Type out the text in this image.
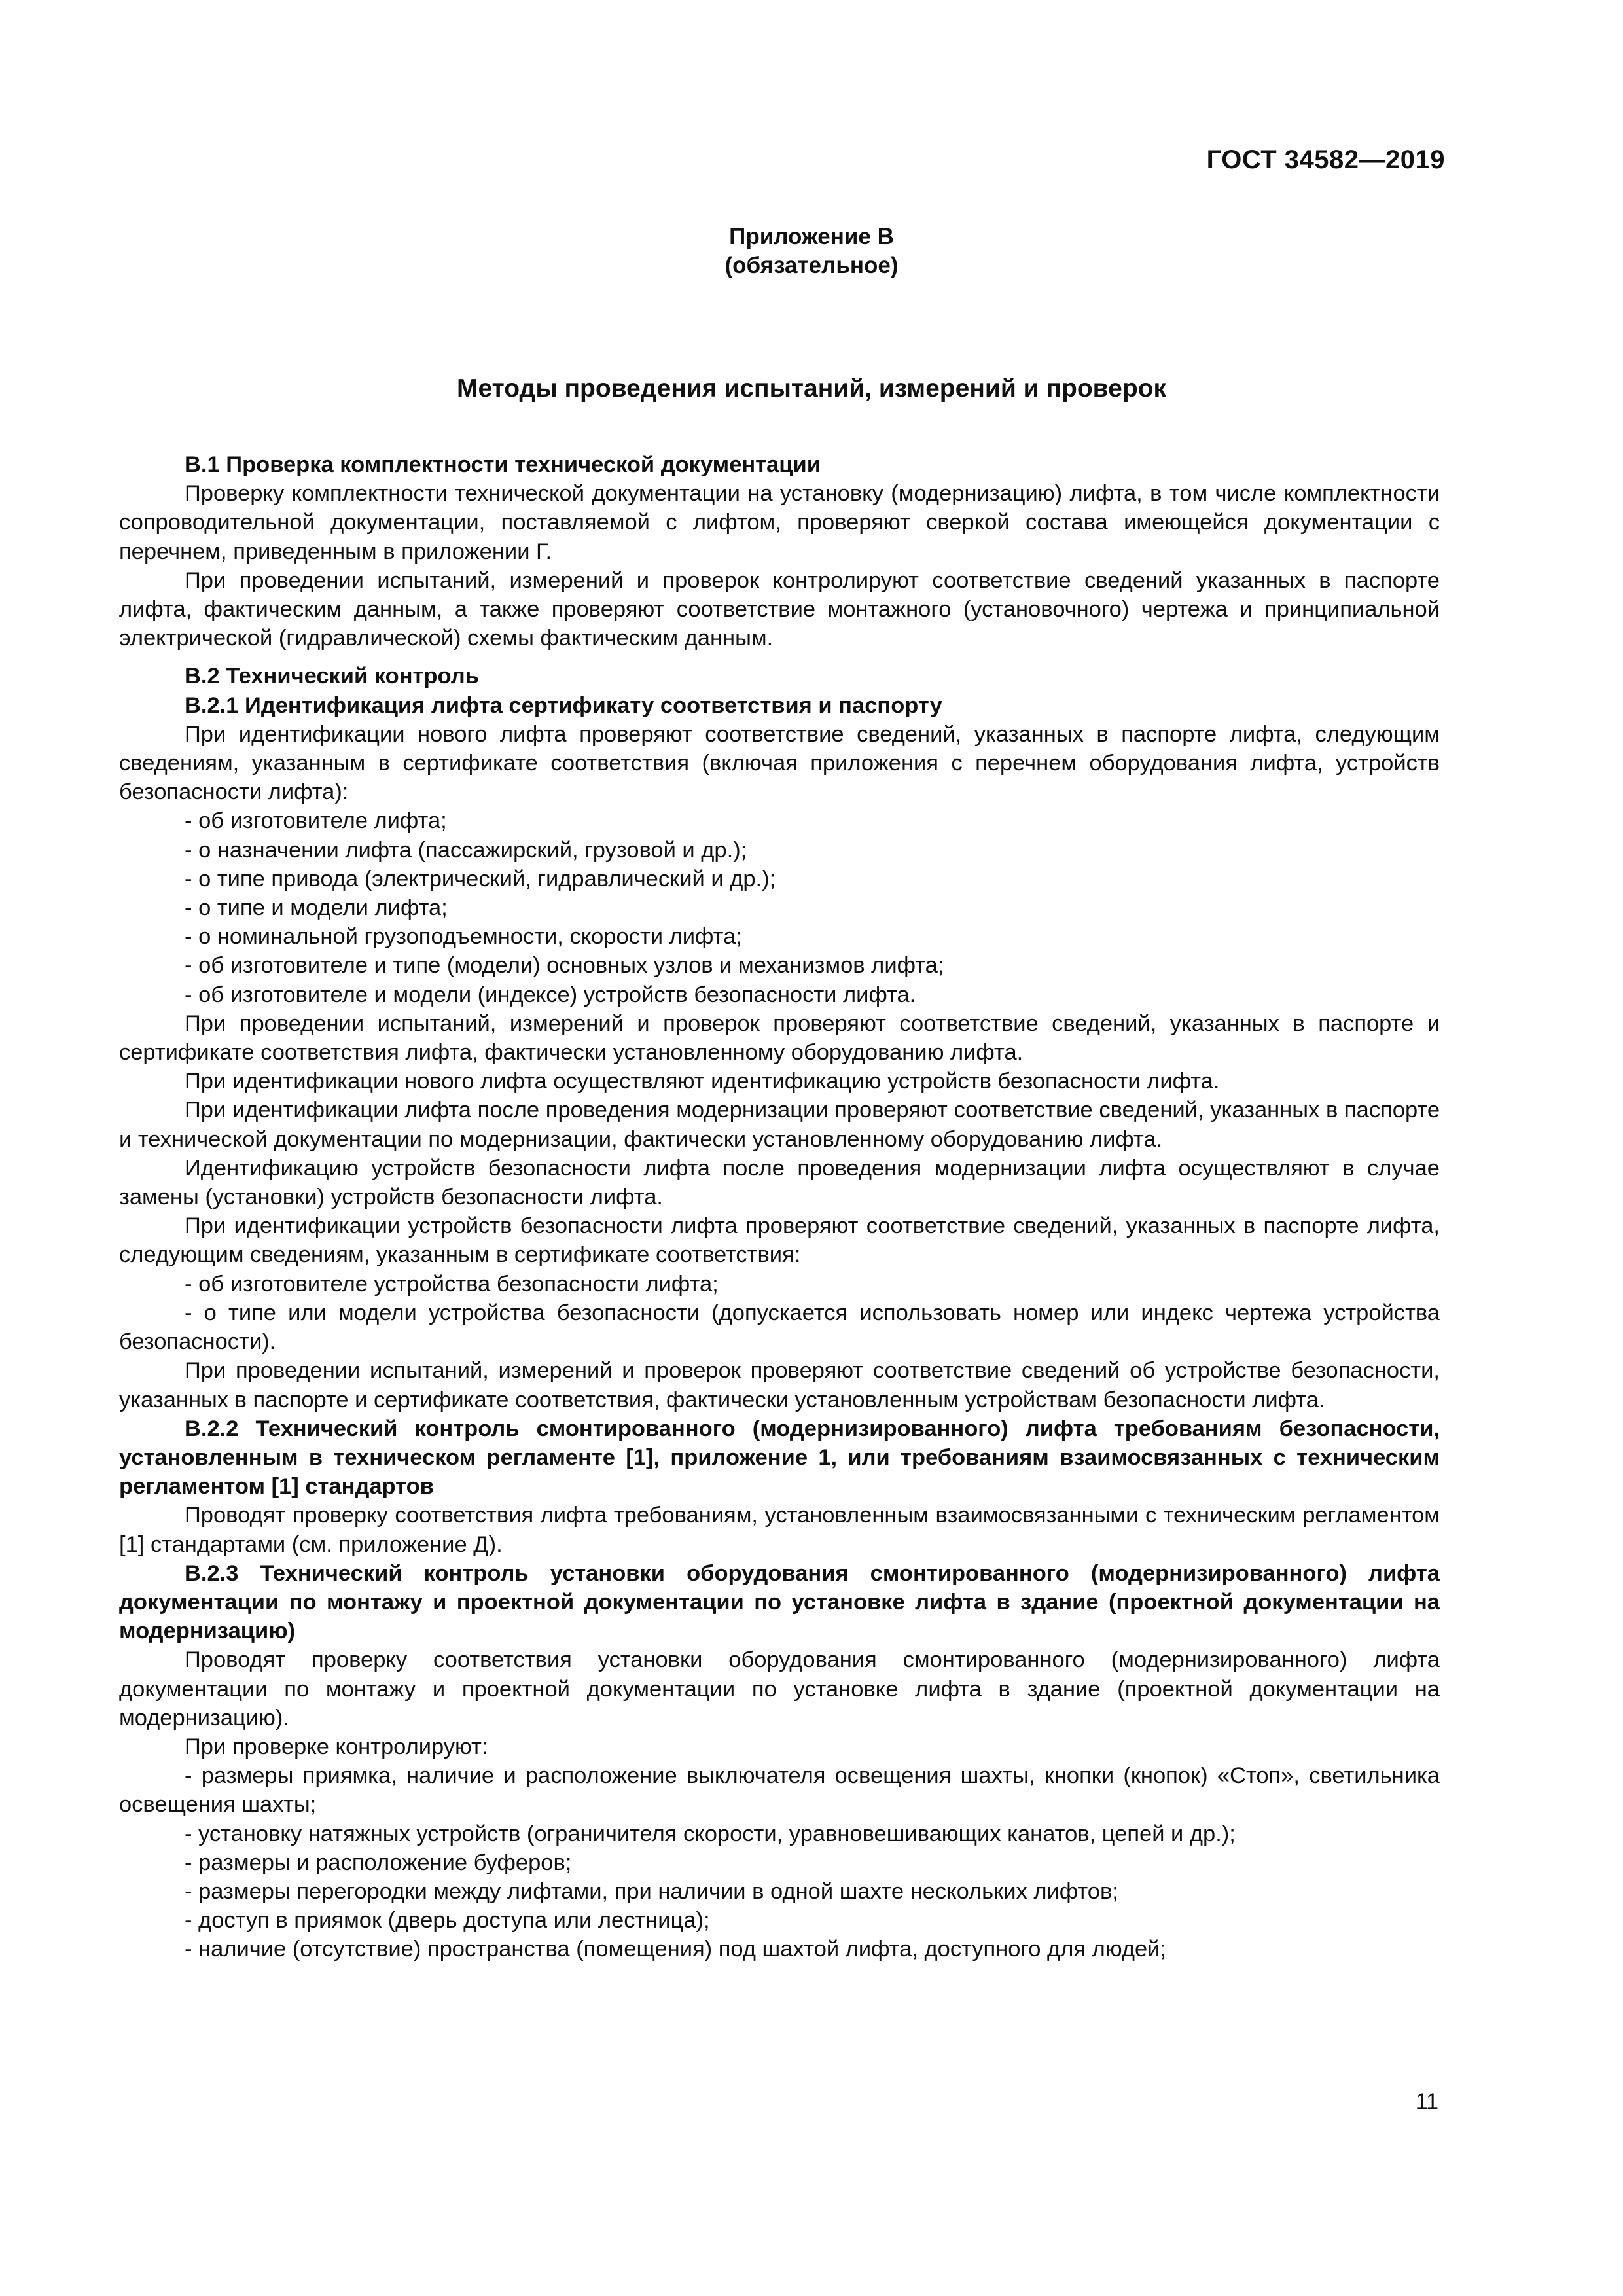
ГОСТ 34582—2019
Приложение В
(обязательное)
Методы проведения испытаний, измерений и проверок

В.1 Проверка комплектности технической документации

Проверку комплектности технической документации на установку (модернизацию) лифта, в том числе комплектности сопроводительной документации, поставляемой с лифтом, проверяют сверкой состава имеющейся документации с перечнем, приведенным в приложении Г.

При проведении испытаний, измерений и проверок контролируют соответствие сведений указанных в паспорте лифта, фактическим данным, а также проверяют соответствие монтажного (установочного) чертежа и принципиальной электрической (гидравлической) схемы фактическим данным.

В.2 Технический контроль

В.2.1 Идентификация лифта сертификату соответствия и паспорту

При идентификации нового лифта проверяют соответствие сведений, указанных в паспорте лифта, следующим сведениям, указанным в сертификате соответствия (включая приложения с перечнем оборудования лифта, устройств безопасности лифта):

- об изготовителе лифта;

- о назначении лифта (пассажирский, грузовой и др.);

- о типе привода (электрический, гидравлический и др.);

- о типе и модели лифта;

- о номинальной грузоподъемности, скорости лифта;

- об изготовителе и типе (модели) основных узлов и механизмов лифта;

- об изготовителе и модели (индексе) устройств безопасности лифта.

При проведении испытаний, измерений и проверок проверяют соответствие сведений, указанных в паспорте и сертификате соответствия лифта, фактически установленному оборудованию лифта.

При идентификации нового лифта осуществляют идентификацию устройств безопасности лифта.

При идентификации лифта после проведения модернизации проверяют соответствие сведений, указанных в паспорте и технической документации по модернизации, фактически установленному оборудованию лифта.

Идентификацию устройств безопасности лифта после проведения модернизации лифта осуществляют в случае замены (установки) устройств безопасности лифта.

При идентификации устройств безопасности лифта проверяют соответствие сведений, указанных в паспорте лифта, следующим сведениям, указанным в сертификате соответствия:

- об изготовителе устройства безопасности лифта;

- о типе или модели устройства безопасности (допускается использовать номер или индекс чертежа устройства безопасности).

При проведении испытаний, измерений и проверок проверяют соответствие сведений об устройстве безопасности, указанных в паспорте и сертификате соответствия, фактически установленным устройствам безопасности лифта.

В.2.2 Технический контроль смонтированного (модернизированного) лифта требованиям безопасности, установленным в техническом регламенте [1], приложение 1, или требованиям взаимосвязанных с техническим регламентом [1] стандартов

Проводят проверку соответствия лифта требованиям, установленным взаимосвязанными с техническим регламентом [1] стандартами (см. приложение Д).

В.2.3 Технический контроль установки оборудования смонтированного (модернизированного) лифта документации по монтажу и проектной документации по установке лифта в здание (проектной документации на модернизацию)

Проводят проверку соответствия установки оборудования смонтированного (модернизированного) лифта документации по монтажу и проектной документации по установке лифта в здание (проектной документации на модернизацию).

При проверке контролируют:

- размеры приямка, наличие и расположение выключателя освещения шахты, кнопки (кнопок) «Стоп», светильника освещения шахты;

- установку натяжных устройств (ограничителя скорости, уравновешивающих канатов, цепей и др.);

- размеры и расположение буферов;

- размеры перегородки между лифтами, при наличии в одной шахте нескольких лифтов;

- доступ в приямок (дверь доступа или лестница);

- наличие (отсутствие) пространства (помещения) под шахтой лифта, доступного для людей;

11
